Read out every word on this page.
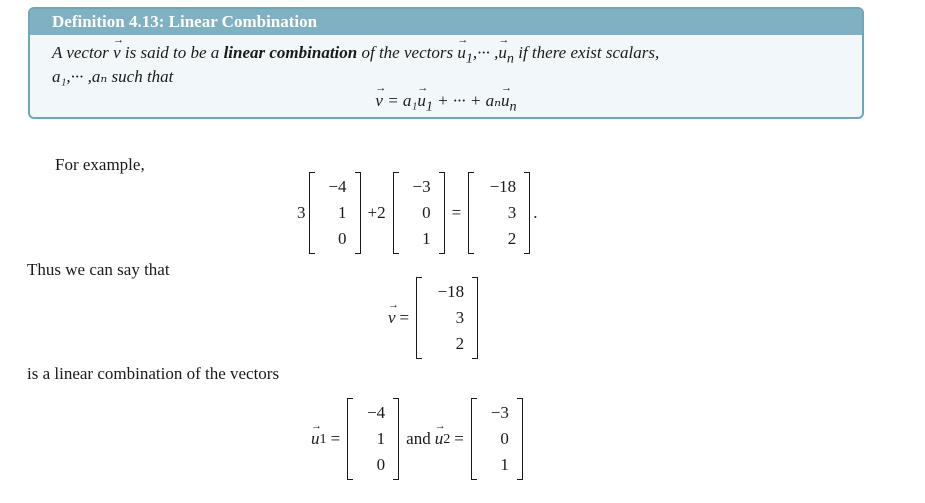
Definition 4.13: Linear Combination
A vector
→
v is said to be a linear combination of the vectors
→
$u_1,\cdot\cdot\cdot$ ,
→
$u_n$ if there exist scalars,
a₁,··· ,aₙ such that
→
v = a₁
→
$u_1$ + ··· + aₙ
→
$u_n$
For example,
3
−4
1
0
+2
−3
0
1
=
−18
3
2
.
Thus we can say that
→
v =
−18
3
2
is a linear combination of the vectors
→
u 1 =
−4
1
0
and
→
u 2 =
−3
0
1
